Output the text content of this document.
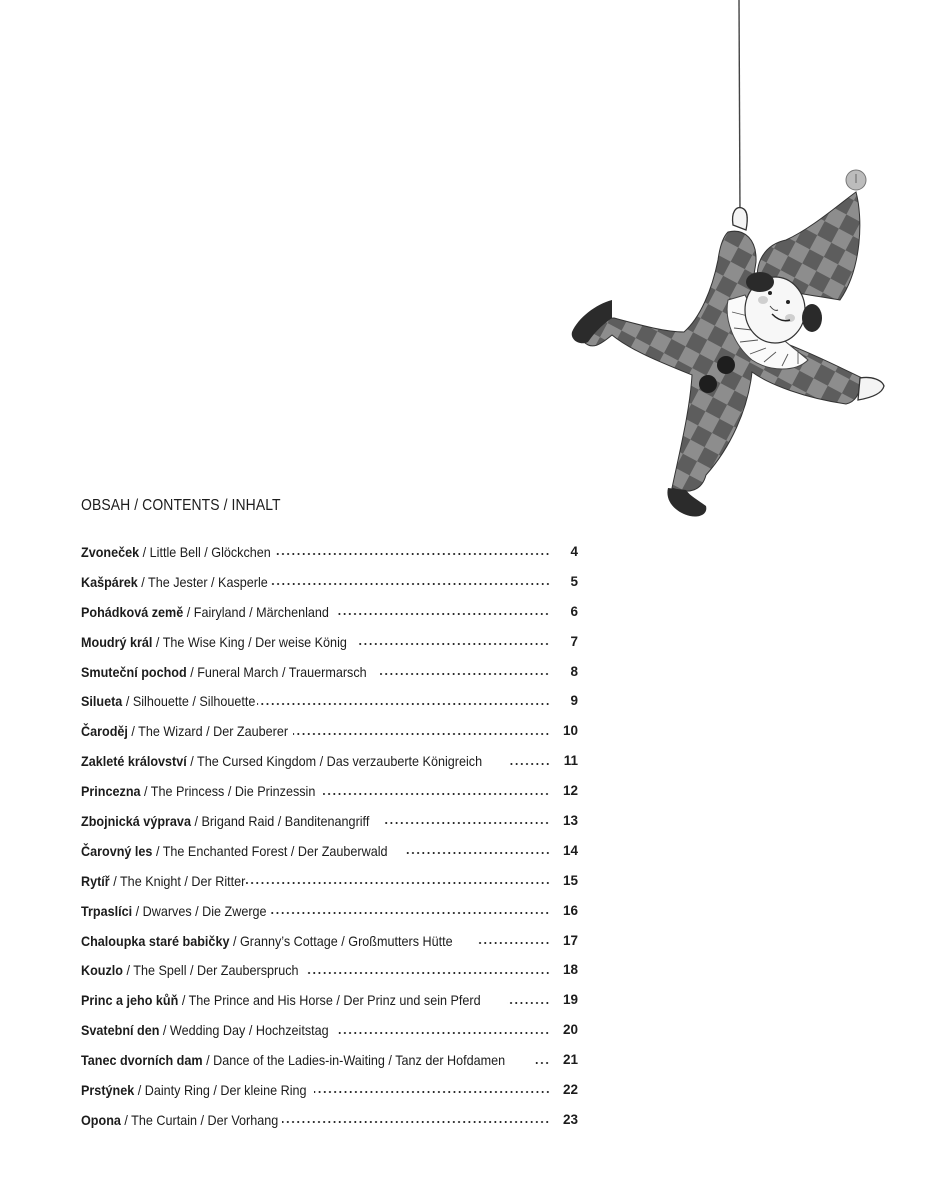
OBSAH / CONTENTS / INHALT
Zvoneček / Little Bell / Glöckchen	4
Kašpárek / The Jester / Kasperle	5
Pohádková země / Fairyland / Märchenland	6
Moudrý král / The Wise King / Der weise König	7
Smuteční pochod / Funeral March / Trauermarsch	8
Silueta / Silhouette / Silhouette	9
Čaroděj / The Wizard / Der Zauberer	10
Zakleté království / The Cursed Kingdom / Das verzauberte Königreich	11
Princezna / The Princess / Die Prinzessin	12
Zbojnická výprava / Brigand Raid / Banditenangriff	13
Čarovný les / The Enchanted Forest / Der Zauberwald	14
Rytíř / The Knight / Der Ritter	15
Trpaslíci / Dwarves / Die Zwerge	16
Chaloupka staré babičky / Granny’s Cottage / Großmutters Hütte	17
Kouzlo / The Spell / Der Zauberspruch	18
Princ a jeho kůň / The Prince and His Horse / Der Prinz und sein Pferd	19
Svatební den / Wedding Day / Hochzeitstag	20
Tanec dvorních dam / Dance of the Ladies-in-Waiting / Tanz der Hofdamen	21
Prstýnek / Dainty Ring / Der kleine Ring	22
Opona / The Curtain / Der Vorhang	23
